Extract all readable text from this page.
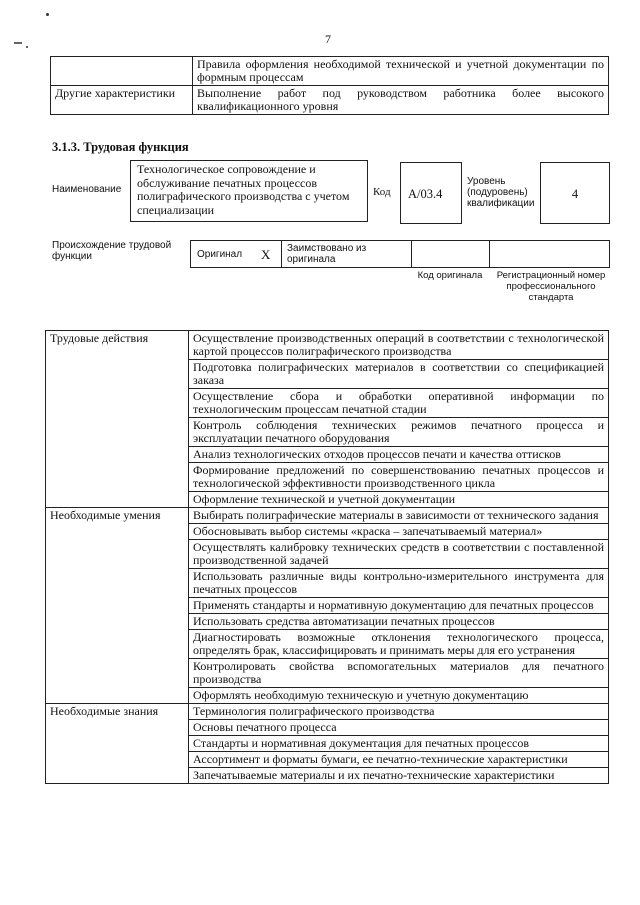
7
	Правила оформления необходимой технической и учетной документации по формным процессам
Другие характеристики	Выполнение работ под руководством работника более высокого квалификационного уровня
3.1.3. Трудовая функция
Наименование
Технологическое сопровождение и обслуживание печатных процессов полиграфического производства с учетом специализации
Код	А/03.4
Уровень (подуровень) квалификации
4
Происхождение трудовой функции	Оригинал X Заимствовано из оригинала
Код оригинала	Регистрационный номер профессионального стандарта
Трудовые действия	Осуществление производственных операций в соответствии с технологической картой процессов полиграфического производства
	Подготовка полиграфических материалов в соответствии со спецификацией заказа
	Осуществление сбора и обработки оперативной информации по технологическим процессам печатной стадии
	Контроль соблюдения технических режимов печатного процесса и эксплуатации печатного оборудования
	Анализ технологических отходов процессов печати и качества оттисков
	Формирование предложений по совершенствованию печатных процессов и технологической эффективности производственного цикла
	Оформление технической и учетной документации
Необходимые умения	Выбирать полиграфические материалы в зависимости от технического задания
	Обосновывать выбор системы «краска – запечатываемый материал»
	Осуществлять калибровку технических средств в соответствии с поставленной производственной задачей
	Использовать различные виды контрольно-измерительного инструмента для печатных процессов
	Применять стандарты и нормативную документацию для печатных процессов
	Использовать средства автоматизации печатных процессов
	Диагностировать возможные отклонения технологического процесса, определять брак, классифицировать и принимать меры для его устранения
	Контролировать свойства вспомогательных материалов для печатного производства
	Оформлять необходимую техническую и учетную документацию
Необходимые знания	Терминология полиграфического производства
	Основы печатного процесса
	Стандарты и нормативная документация для печатных процессов
	Ассортимент и форматы бумаги, ее печатно-технические характеристики
	Запечатываемые материалы и их печатно-технические характеристики
